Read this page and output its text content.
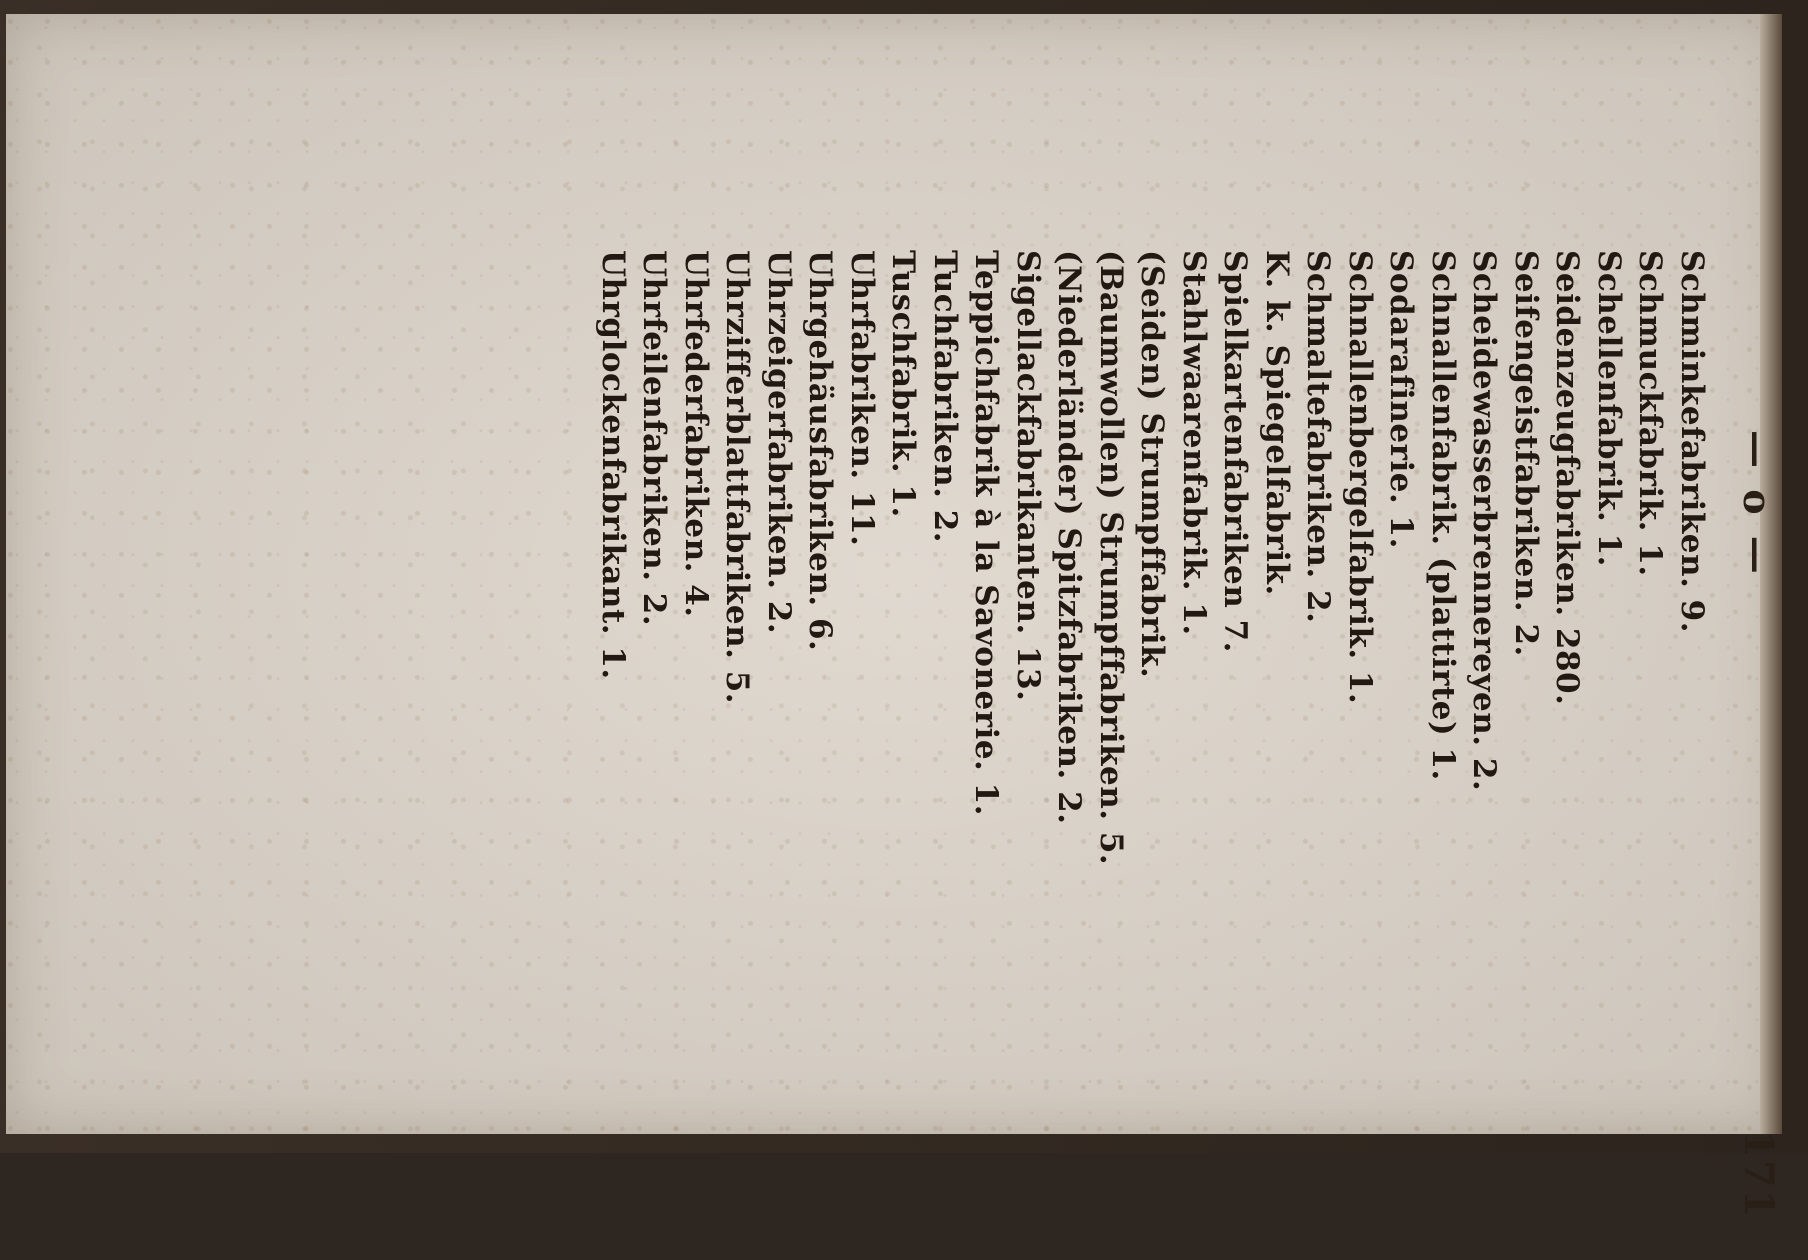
— o —
171
Schminkefabriken. 9.
Schmuckfabrik. 1.
Schellenfabrik. 1.
Seidenzeugfabriken. 280.
Seifengeistfabriken. 2.
Scheidewasserbrennereyen. 2.
Schnallenfabrik. (plattirte) 1.
Sodarafinerie. 1.
Schnallenbergelfabrik. 1.
Schmaltefabriken. 2.
K. k. Spiegelfabrik.
Spielkartenfabriken 7.
Stahlwaarenfabrik. 1.
(Seiden) Strumpffabrik.
(Baumwollen) Strumpffabriken. 5.
(Niederländer) Spitzfabriken. 2.
Sigellackfabrikanten. 13.
Teppichfabrik à la Savonerie. 1.
Tuchfabriken. 2.
Tuschfabrik. 1.
Uhrfabriken. 11.
Uhrgehäusfabriken. 6.
Uhrzeigerfabriken. 2.
Uhrzifferblattfabriken. 5.
Uhrfederfabriken. 4.
Uhrfeilenfabriken. 2.
Uhrglockenfabrikant. 1.
